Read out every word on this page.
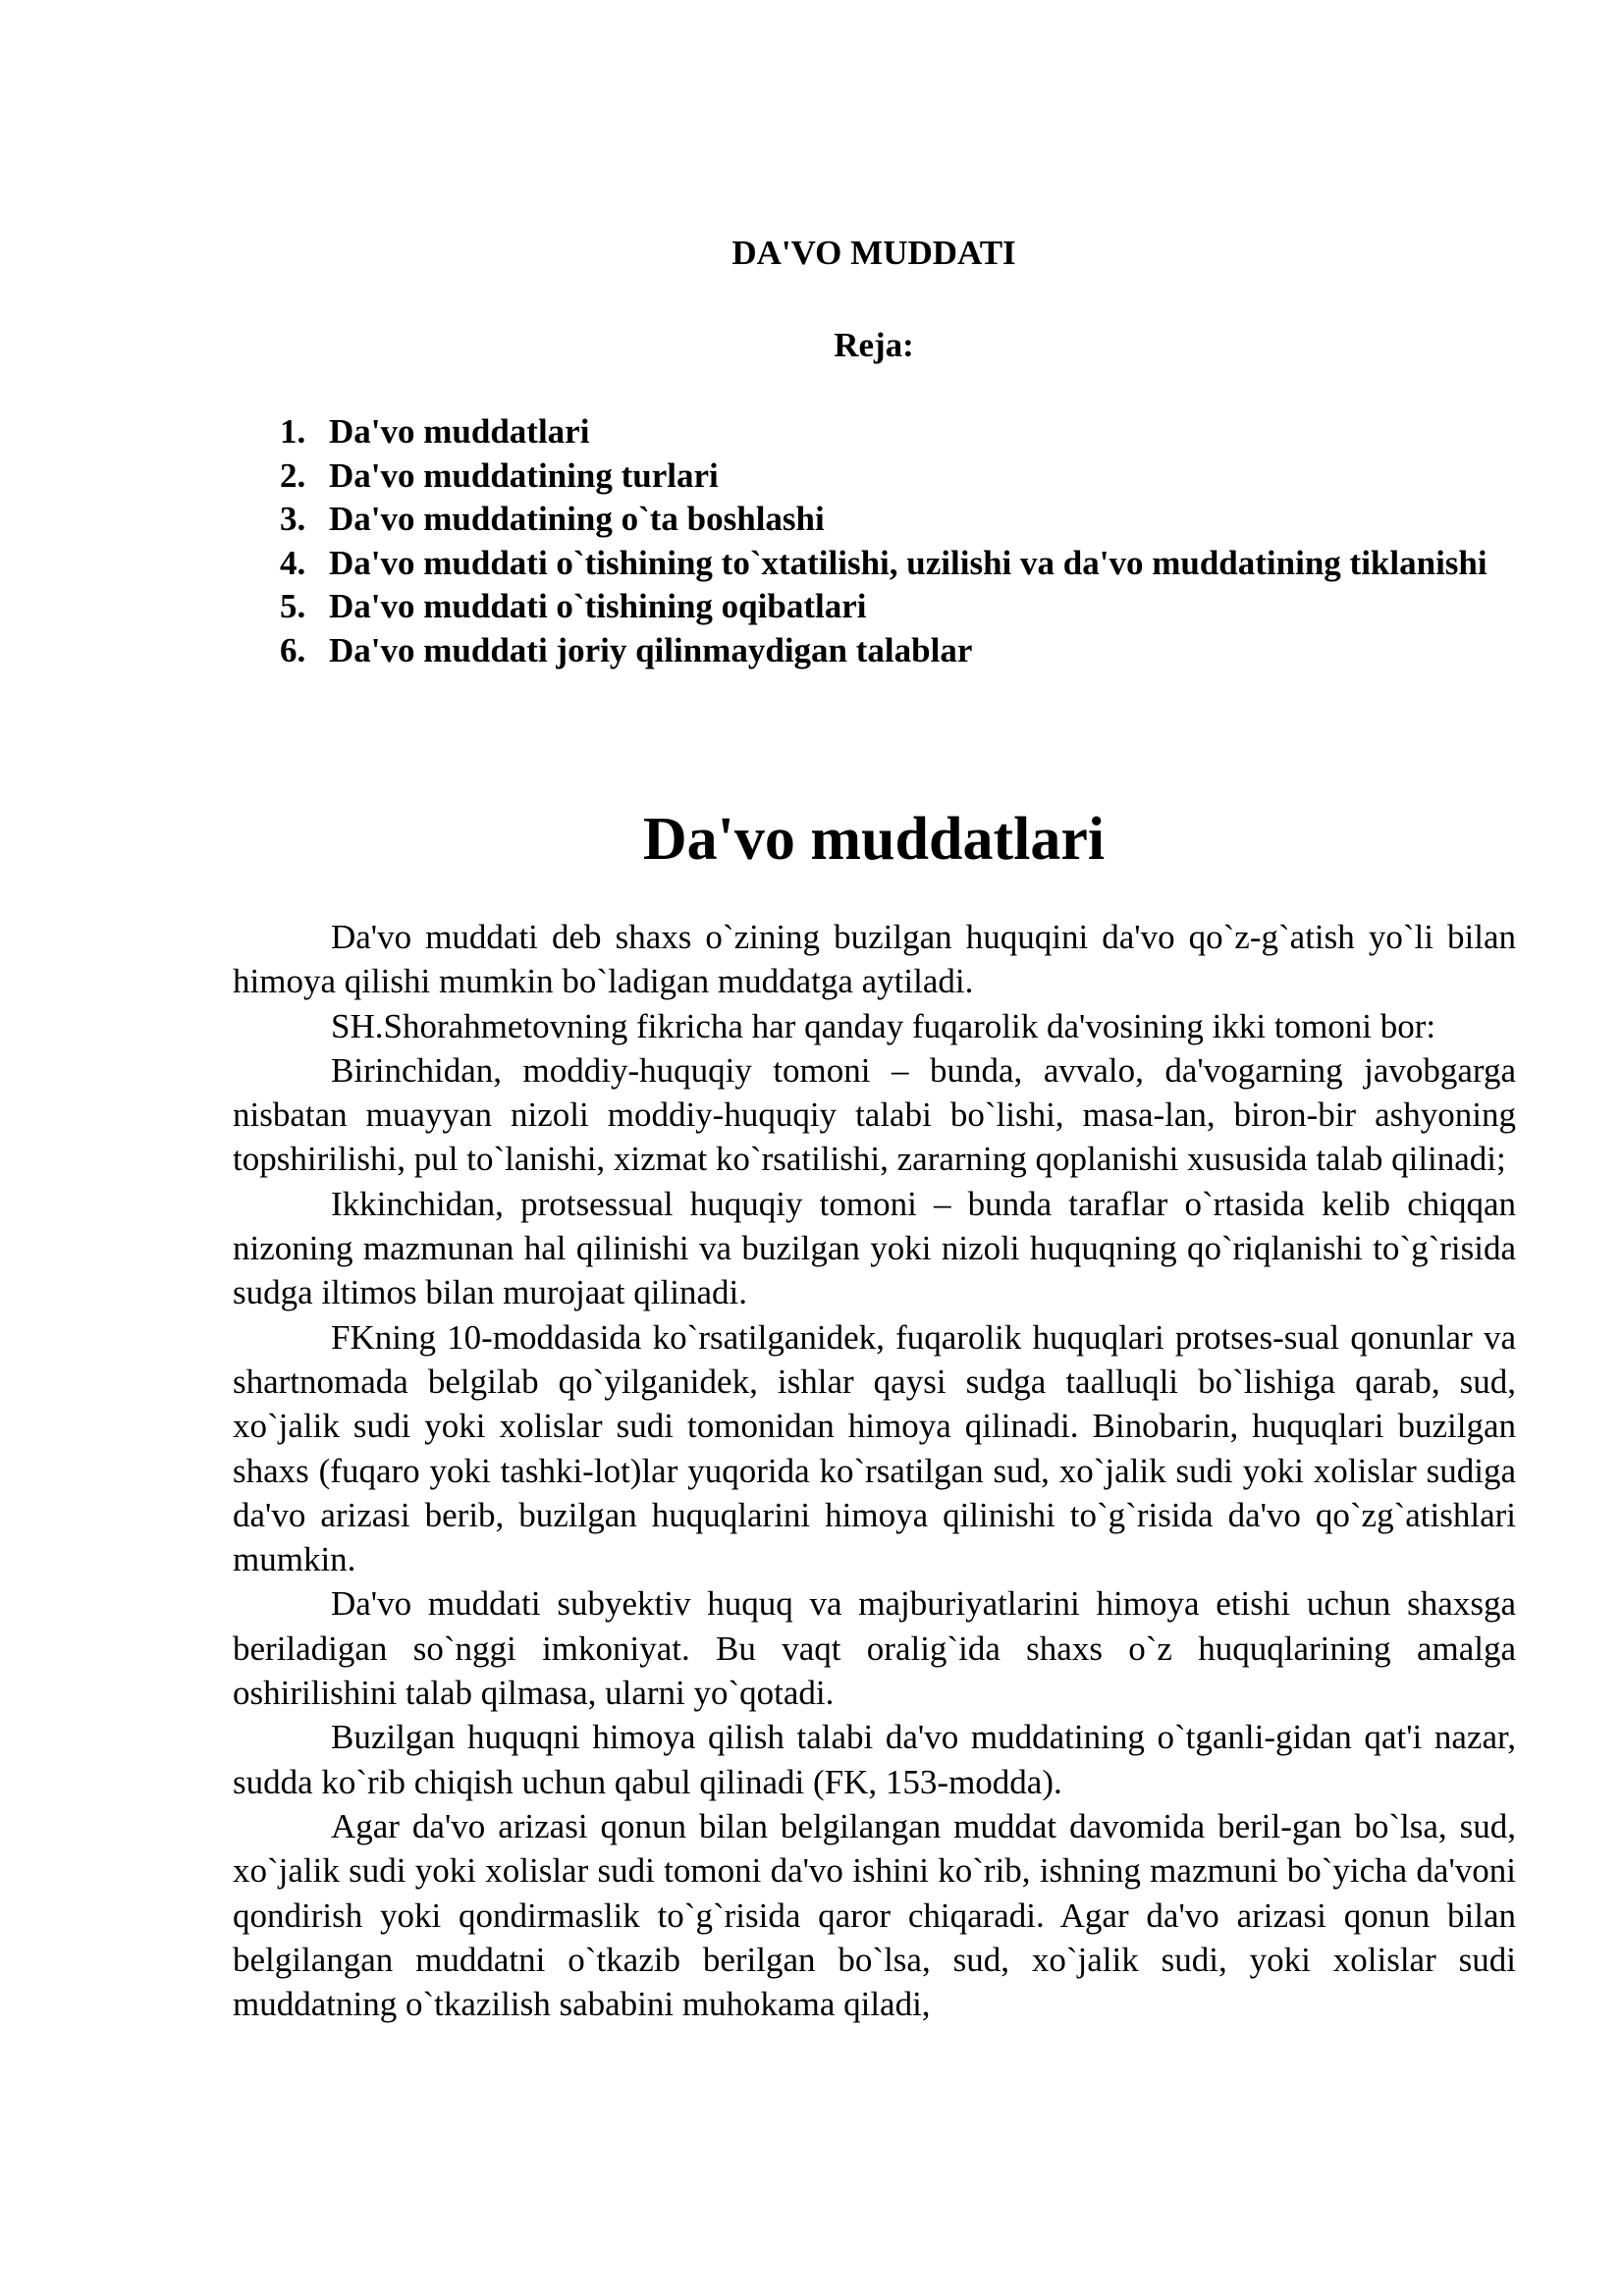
DA'VO MUDDATI
Reja:
1. Da'vo muddatlari
2. Da'vo muddatining turlari
3. Da'vo muddatining o`ta boshlashi
4. Da'vo muddati o`tishining to`xtatilishi, uzilishi va da'vo muddatining tiklanishi
5. Da'vo muddati o`tishining oqibatlari
6. Da'vo muddati joriy qilinmaydigan talablar
Da'vo muddatlari

Da'vo muddati deb shaxs o`zining buzilgan huquqini da'vo qo`z-g`atish yo`li bilan himoya qilishi mumkin bo`ladigan muddatga aytiladi.

SH.Shorahmetovning fikricha har qanday fuqarolik da'vosining ikki tomoni bor:

Birinchidan, moddiy-huquqiy tomoni – bunda, avvalo, da'vogarning javobgarga nisbatan muayyan nizoli moddiy-huquqiy talabi bo`lishi, masa-lan, biron-bir ashyoning topshirilishi, pul to`lanishi, xizmat ko`rsatilishi, zararning qoplanishi xususida talab qilinadi;

Ikkinchidan, protsessual huquqiy tomoni – bunda taraflar o`rtasida kelib chiqqan nizoning mazmunan hal qilinishi va buzilgan yoki nizoli huquqning qo`riqlanishi to`g`risida sudga iltimos bilan murojaat qilinadi.

FKning 10-moddasida ko`rsatilganidek, fuqarolik huquqlari protses-sual qonunlar va shartnomada belgilab qo`yilganidek, ishlar qaysi sudga taalluqli bo`lishiga qarab, sud, xo`jalik sudi yoki xolislar sudi tomonidan himoya qilinadi. Binobarin, huquqlari buzilgan shaxs (fuqaro yoki tashki-lot)lar yuqorida ko`rsatilgan sud, xo`jalik sudi yoki xolislar sudiga da'vo arizasi berib, buzilgan huquqlarini himoya qilinishi to`g`risida da'vo qo`zg`atishlari mumkin.

Da'vo muddati subyektiv huquq va majburiyatlarini himoya etishi uchun shaxsga beriladigan so`nggi imkoniyat. Bu vaqt oralig`ida shaxs o`z huquqlarining amalga oshirilishini talab qilmasa, ularni yo`qotadi.

Buzilgan huquqni himoya qilish talabi da'vo muddatining o`tganli-gidan qat'i nazar, sudda ko`rib chiqish uchun qabul qilinadi (FK, 153-modda).

Agar da'vo arizasi qonun bilan belgilangan muddat davomida beril-gan bo`lsa, sud, xo`jalik sudi yoki xolislar sudi tomoni da'vo ishini ko`rib, ishning mazmuni bo`yicha da'voni qondirish yoki qondirmaslik to`g`risida qaror chiqaradi. Agar da'vo arizasi qonun bilan belgilangan muddatni o`tkazib berilgan bo`lsa, sud, xo`jalik sudi, yoki xolislar sudi muddatning o`tkazilish sababini muhokama qiladi,
